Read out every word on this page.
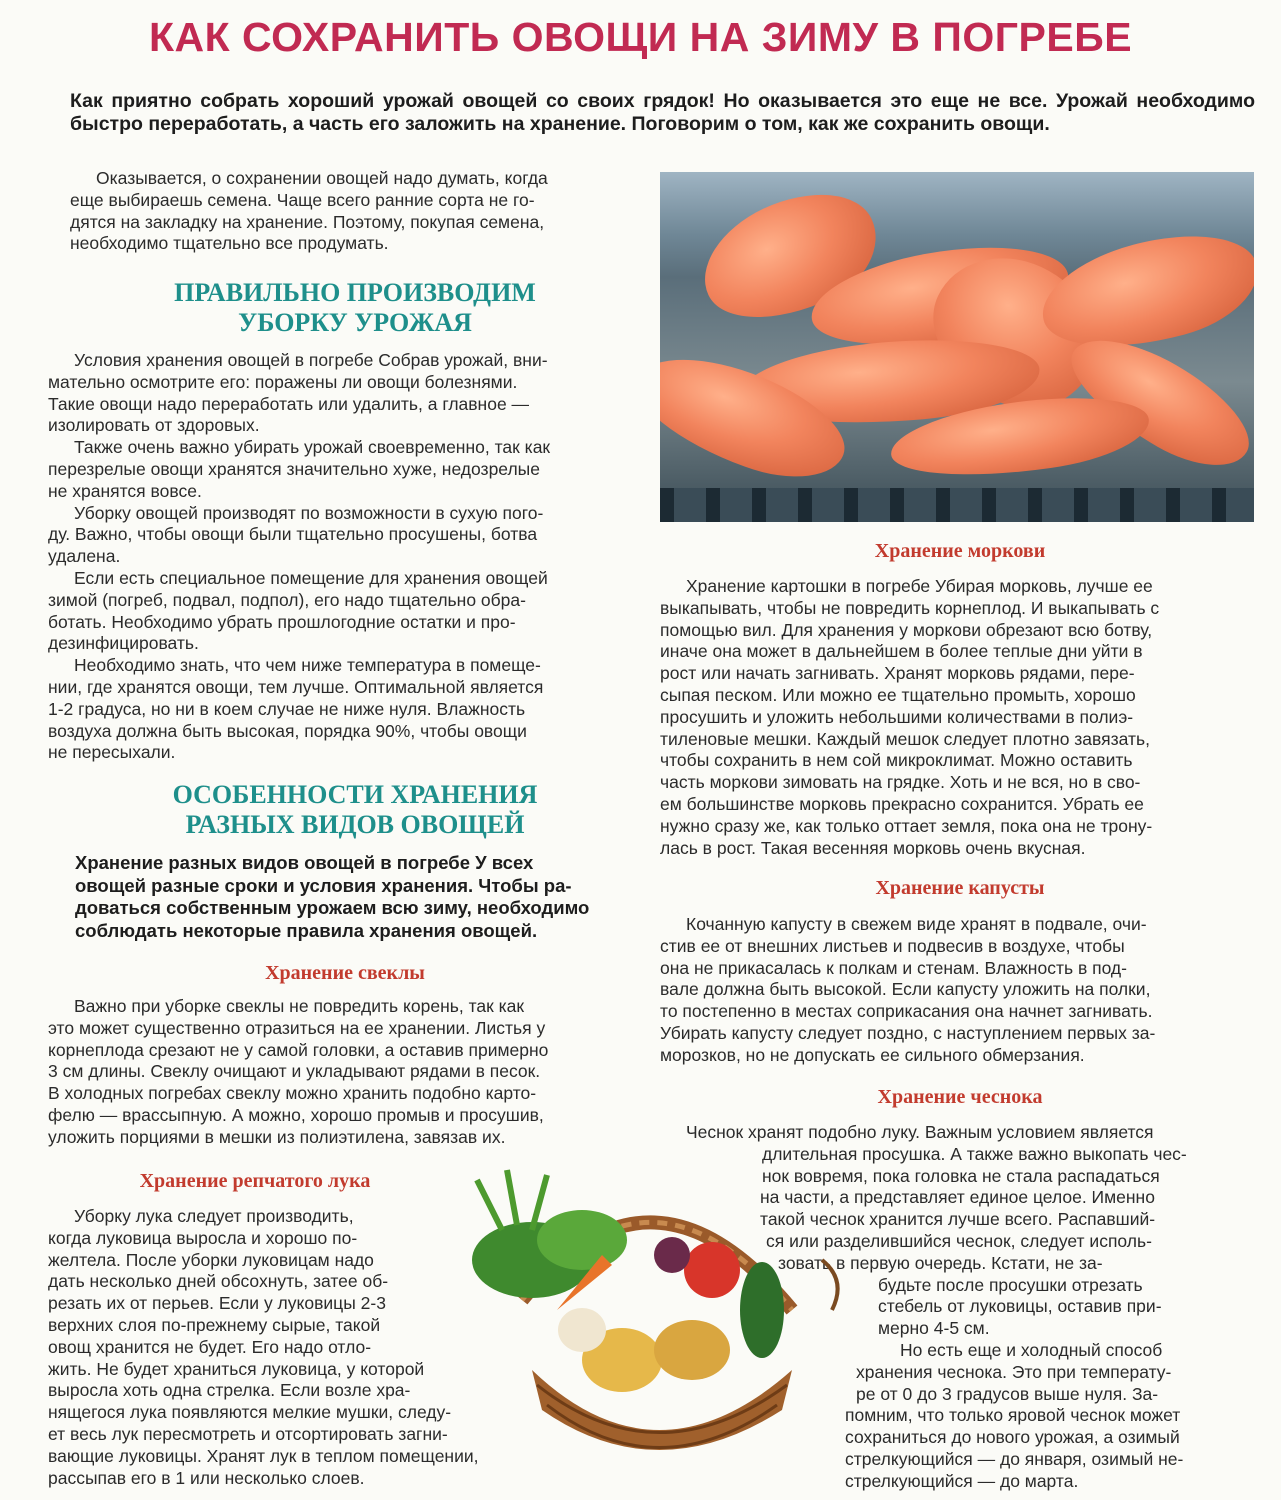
КАК СОХРАНИТЬ ОВОЩИ НА ЗИМУ В ПОГРЕБЕ
Как приятно собрать хороший урожай овощей со своих грядок! Но оказывается это еще не все. Урожай необходимо быстро переработать, а часть его заложить на хранение. Поговорим о том, как же сохранить овощи.
Оказывается, о сохранении овощей надо думать, когда
еще выбираешь семена. Чаще всего ранние сорта не го-
дятся на закладку на хранение. Поэтому, покупая семена,
необходимо тщательно все продумать.
ПРАВИЛЬНО ПРОИЗВОДИМ
УБОРКУ УРОЖАЯ
Условия хранения овощей в погребе Собрав урожай, вни-
мательно осмотрите его: поражены ли овощи болезнями.
Такие овощи надо переработать или удалить, а главное —
изолировать от здоровых.
Также очень важно убирать урожай своевременно, так как
перезрелые овощи хранятся значительно хуже, недозрелые
не хранятся вовсе.
Уборку овощей производят по возможности в сухую пого-
ду. Важно, чтобы овощи были тщательно просушены, ботва
удалена.
Если есть специальное помещение для хранения овощей
зимой (погреб, подвал, подпол), его надо тщательно обра-
ботать. Необходимо убрать прошлогодние остатки и про-
дезинфицировать.
Необходимо знать, что чем ниже температура в помеще-
нии, где хранятся овощи, тем лучше. Оптимальной является
1-2 градуса, но ни в коем случае не ниже нуля. Влажность
воздуха должна быть высокая, порядка 90%, чтобы овощи
не пересыхали.
ОСОБЕННОСТИ ХРАНЕНИЯ
РАЗНЫХ ВИДОВ ОВОЩЕЙ
Хранение разных видов овощей в погребе У всех
овощей разные сроки и условия хранения. Чтобы ра-
доваться собственным урожаем всю зиму, необходимо
соблюдать некоторые правила хранения овощей.
Хранение свеклы
Важно при уборке свеклы не повредить корень, так как
это может существенно отразиться на ее хранении. Листья у
корнеплода срезают не у самой головки, а оставив примерно
3 см длины. Свеклу очищают и укладывают рядами в песок.
В холодных погребах свеклу можно хранить подобно карто-
фелю — врассыпную. А можно, хорошо промыв и просушив,
уложить порциями в мешки из полиэтилена, завязав их.
Хранение репчатого лука
Уборку лука следует производить,
когда луковица выросла и хорошо по-
желтела. После уборки луковицам надо
дать несколько дней обсохнуть, затее об-
резать их от перьев. Если у луковицы 2-3
верхних слоя по-прежнему сырые, такой
овощ хранится не будет. Его надо отло-
жить. Не будет храниться луковица, у которой
выросла хоть одна стрелка. Если возле хра-
нящегося лука появляются мелкие мушки, следу-
ет весь лук пересмотреть и отсортировать загни-
вающие луковицы. Хранят лук в теплом помещении,
рассыпав его в 1 или несколько слоев.
Хранение моркови
Хранение картошки в погребе Убирая морковь, лучше ее
выкапывать, чтобы не повредить корнеплод. И выкапывать с
помощью вил. Для хранения у моркови обрезают всю ботву,
иначе она может в дальнейшем в более теплые дни уйти в
рост или начать загнивать. Хранят морковь рядами, пере-
сыпая песком. Или можно ее тщательно промыть, хорошо
просушить и уложить небольшими количествами в полиэ-
тиленовые мешки. Каждый мешок следует плотно завязать,
чтобы сохранить в нем сой микроклимат. Можно оставить
часть моркови зимовать на грядке. Хоть и не вся, но в сво-
ем большинстве морковь прекрасно сохранится. Убрать ее
нужно сразу же, как только оттает земля, пока она не трону-
лась в рост. Такая весенняя морковь очень вкусная.
Хранение капусты
Кочанную капусту в свежем виде хранят в подвале, очи-
стив ее от внешних листьев и подвесив в воздухе, чтобы
она не прикасалась к полкам и стенам. Влажность в под-
вале должна быть высокой. Если капусту уложить на полки,
то постепенно в местах соприкасания она начнет загнивать.
Убирать капусту следует поздно, с наступлением первых за-
морозков, но не допускать ее сильного обмерзания.
Хранение чеснока
Чеснок хранят подобно луку. Важным условием является
длительная просушка. А также важно выкопать чес-
нок вовремя, пока головка не стала распадаться
на части, а представляет единое целое. Именно
такой чеснок хранится лучше всего. Распавший-
ся или разделившийся чеснок, следует исполь-
зовать в первую очередь. Кстати, не за-
будьте после просушки отрезать
стебель от луковицы, оставив при-
мерно 4-5 см.
Но есть еще и холодный способ
хранения чеснока. Это при температу-
ре от 0 до 3 градусов выше нуля. За-
помним, что только яровой чеснок может
сохраниться до нового урожая, а озимый
стрелкующийся — до января, озимый не-
стрелкующийся — до марта.
